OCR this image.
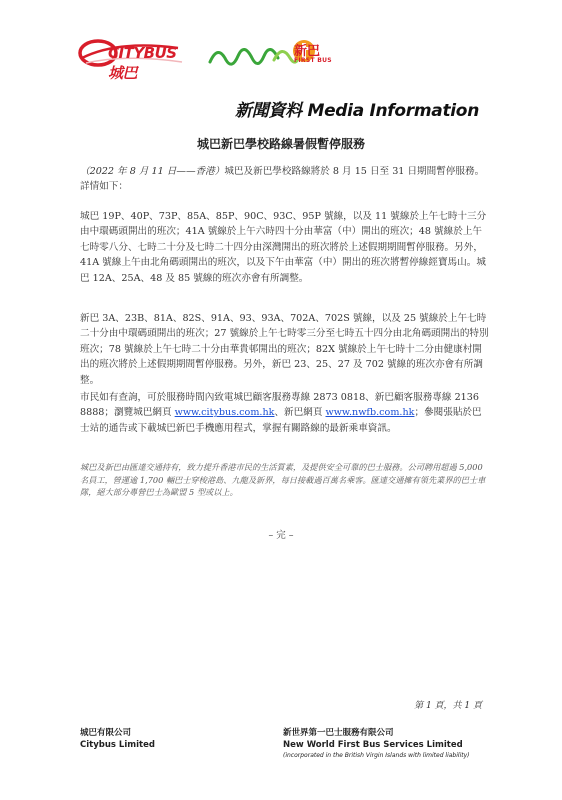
CITYBUS城巴
新巴
FIRST BUS
新聞資料 Media Information
城巴新巴學校路線暑假暫停服務
（2022 年 8 月 11 日——香港）城巴及新巴學校路線將於 8 月 15 日至 31 日期間暫停服務。詳情如下：
城巴 19P、40P、73P、85A、85P、90C、93C、95P 號線，以及 11 號線於上午七時十三分由中環碼頭開出的班次；41A 號線於上午六時四十分由華富（中）開出的班次；48 號線於上午七時零八分、七時二十分及七時二十四分由深灣開出的班次將於上述假期期間暫停服務。另外，41A 號線上午由北角碼頭開出的班次，以及下午由華富（中）開出的班次將暫停線經寶馬山。城巴 12A、25A、48 及 85 號線的班次亦會有所調整。
新巴 3A、23B、81A、82S、91A、93、93A、702A、702S 號線，以及 25 號線於上午七時二十分由中環碼頭開出的班次；27 號線於上午七時零三分至七時五十四分由北角碼頭開出的特別班次；78 號線於上午七時二十分由華貴邨開出的班次；82X 號線於上午七時十二分由健康村開出的班次將於上述假期期間暫停服務。另外，新巴 23、25、27 及 702 號線的班次亦會有所調整。
市民如有查詢，可於服務時間內致電城巴顧客服務專線 2873 0818、新巴顧客服務專線 2136 8888；瀏覽城巴網頁 www.citybus.com.hk、新巴網頁 www.nwfb.com.hk；參閱張貼於巴士站的通告或下載城巴新巴手機應用程式，掌握有關路線的最新乘車資訊。
城巴及新巴由匯達交通持有，致力提升香港市民的生活質素，及提供安全可靠的巴士服務。公司聘用超過 5,000 名員工，營運逾 1,700 輛巴士穿梭港島、九龍及新界，每日接載過百萬名乘客。匯達交通擁有領先業界的巴士車隊，絕大部分專營巴士為歐盟 5 型或以上。
– 完 –
第 1 頁，共 1 頁
城巴有限公司
Citybus Limited
新世界第一巴士服務有限公司
New World First Bus Services Limited
(incorporated in the British Virgin Islands with limited liability)
